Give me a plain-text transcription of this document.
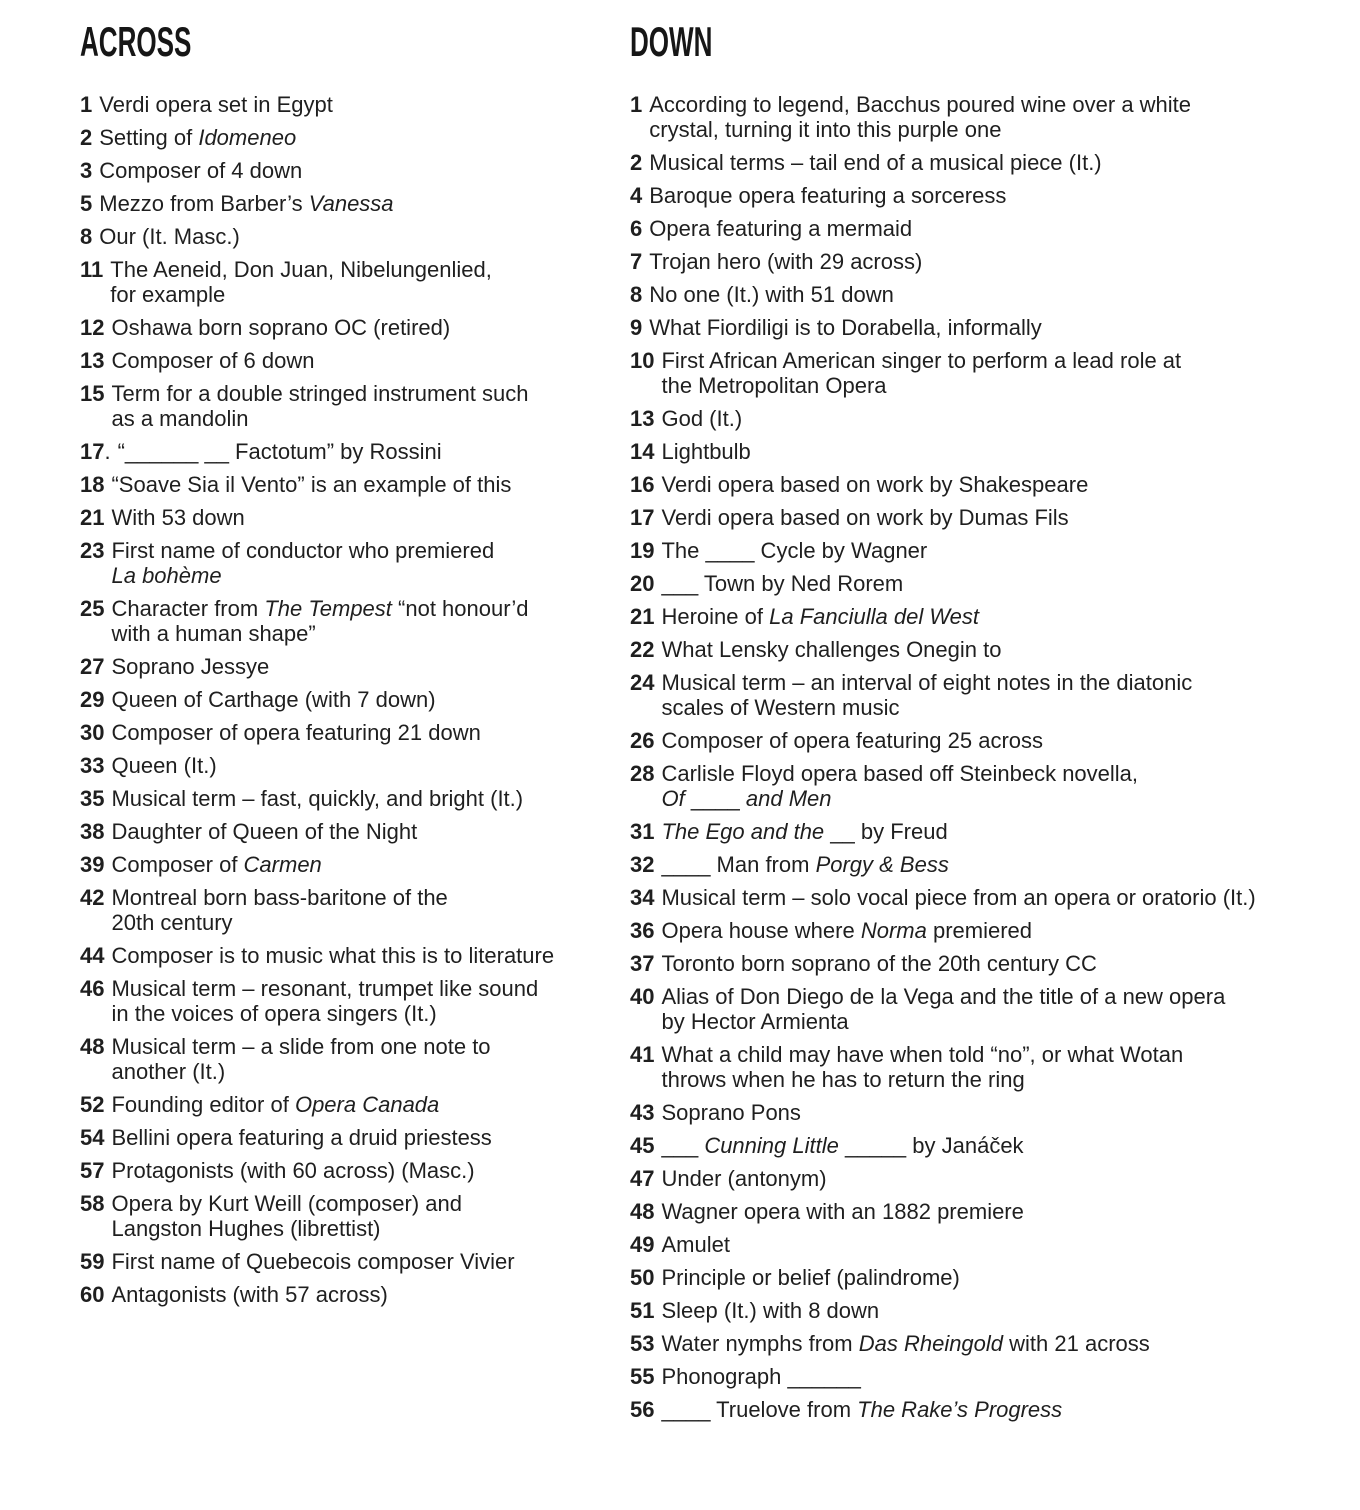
ACROSS
1 Verdi opera set in Egypt
2 Setting of Idomeneo
3 Composer of 4 down
5 Mezzo from Barber’s Vanessa
8 Our (It. Masc.)
11 The Aeneid, Don Juan, Nibelungenlied,
for example
12 Oshawa born soprano OC (retired)
13 Composer of 6 down
15 Term for a double stringed instrument such
as a mandolin
17. “______ __ Factotum” by Rossini
18 “Soave Sia il Vento” is an example of this
21 With 53 down
23 First name of conductor who premiered
La bohème
25 Character from The Tempest “not honour’d
with a human shape”
27 Soprano Jessye
29 Queen of Carthage (with 7 down)
30 Composer of opera featuring 21 down
33 Queen (It.)
35 Musical term – fast, quickly, and bright (It.)
38 Daughter of Queen of the Night
39 Composer of Carmen
42 Montreal born bass-baritone of the
20th century
44 Composer is to music what this is to literature
46 Musical term – resonant, trumpet like sound
in the voices of opera singers (It.)
48 Musical term – a slide from one note to
another (It.)
52 Founding editor of Opera Canada
54 Bellini opera featuring a druid priestess
57 Protagonists (with 60 across) (Masc.)
58 Opera by Kurt Weill (composer) and
Langston Hughes (librettist)
59 First name of Quebecois composer Vivier
60 Antagonists (with 57 across)
DOWN
1 According to legend, Bacchus poured wine over a white
crystal, turning it into this purple one
2 Musical terms – tail end of a musical piece (It.)
4 Baroque opera featuring a sorceress
6 Opera featuring a mermaid
7 Trojan hero (with 29 across)
8 No one (It.) with 51 down
9 What Fiordiligi is to Dorabella, informally
10 First African American singer to perform a lead role at
the Metropolitan Opera
13 God (It.)
14 Lightbulb
16 Verdi opera based on work by Shakespeare
17 Verdi opera based on work by Dumas Fils
19 The ____ Cycle by Wagner
20 ___ Town by Ned Rorem
21 Heroine of La Fanciulla del West
22 What Lensky challenges Onegin to
24 Musical term – an interval of eight notes in the diatonic
scales of Western music
26 Composer of opera featuring 25 across
28 Carlisle Floyd opera based off Steinbeck novella,
Of ____ and Men
31 The Ego and the __ by Freud
32 ____ Man from Porgy & Bess
34 Musical term – solo vocal piece from an opera or oratorio (It.)
36 Opera house where Norma premiered
37 Toronto born soprano of the 20th century CC
40 Alias of Don Diego de la Vega and the title of a new opera
by Hector Armienta
41 What a child may have when told “no”, or what Wotan
throws when he has to return the ring
43 Soprano Pons
45 ___ Cunning Little _____ by Janáček
47 Under (antonym)
48 Wagner opera with an 1882 premiere
49 Amulet
50 Principle or belief (palindrome)
51 Sleep (It.) with 8 down
53 Water nymphs from Das Rheingold with 21 across
55 Phonograph ______
56 ____ Truelove from The Rake’s Progress
